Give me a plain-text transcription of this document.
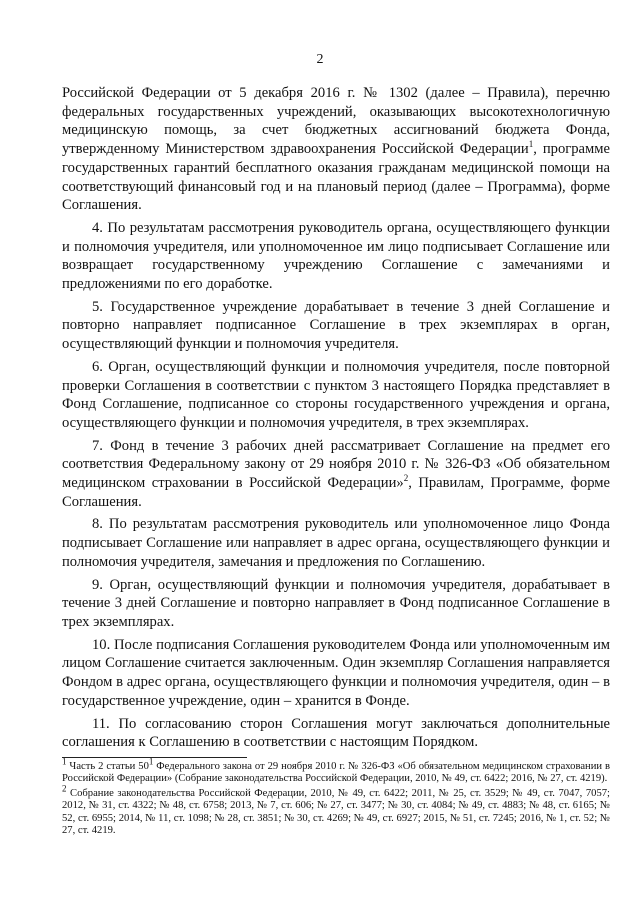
2

Российской Федерации от 5 декабря 2016 г. № 1302 (далее – Правила), перечню федеральных государственных учреждений, оказывающих высокотехнологичную медицинскую помощь, за счет бюджетных ассигнований бюджета Фонда, утвержденному Министерством здравоохранения Российской Федерации$^1$, программе государственных гарантий бесплатного оказания гражданам медицинской помощи на соответствующий финансовый год и на плановый период (далее – Программа), форме Соглашения.

4. По результатам рассмотрения руководитель органа, осуществляющего функции и полномочия учредителя, или уполномоченное им лицо подписывает Соглашение или возвращает государственному учреждению Соглашение с замечаниями и предложениями по его доработке.

5. Государственное учреждение дорабатывает в течение 3 дней Соглашение и повторно направляет подписанное Соглашение в трех экземплярах в орган, осуществляющий функции и полномочия учредителя.

6. Орган, осуществляющий функции и полномочия учредителя, после повторной проверки Соглашения в соответствии с пунктом 3 настоящего Порядка представляет в Фонд Соглашение, подписанное со стороны государственного учреждения и органа, осуществляющего функции и полномочия учредителя, в трех экземплярах.

7. Фонд в течение 3 рабочих дней рассматривает Соглашение на предмет его соответствия Федеральному закону от 29 ноября 2010 г. № 326-ФЗ «Об обязательном медицинском страховании в Российской Федерации»$^2$, Правилам, Программе, форме Соглашения.

8. По результатам рассмотрения руководитель или уполномоченное лицо Фонда подписывает Соглашение или направляет в адрес органа, осуществляющего функции и полномочия учредителя, замечания и предложения по Соглашению.

9. Орган, осуществляющий функции и полномочия учредителя, дорабатывает в течение 3 дней Соглашение и повторно направляет в Фонд подписанное Соглашение в трех экземплярах.

10. После подписания Соглашения руководителем Фонда или уполномоченным им лицом Соглашение считается заключенным. Один экземпляр Соглашения направляется Фондом в адрес органа, осуществляющего функции и полномочия учредителя, один – в государственное учреждение, один – хранится в Фонде.

11. По согласованию сторон Соглашения могут заключаться дополнительные соглашения к Соглашению в соответствии с настоящим Порядком.

$^1$ Часть 2 статьи $50^1$ Федерального закона от 29 ноября 2010 г. № 326-ФЗ «Об обязательном медицинском страховании в Российской Федерации» (Собрание законодательства Российской Федерации, 2010, № 49, ст. 6422; 2016, № 27, ст. 4219).

$^2$ Собрание законодательства Российской Федерации, 2010, № 49, ст. 6422; 2011, № 25, ст. 3529; № 49, ст. 7047, 7057; 2012, № 31, ст. 4322; № 48, ст. 6758; 2013, № 7, ст. 606; № 27, ст. 3477; № 30, ст. 4084; № 49, ст. 4883; № 48, ст. 6165; № 52, ст. 6955; 2014, № 11, ст. 1098; № 28, ст. 3851; № 30, ст. 4269; № 49, ст. 6927; 2015, № 51, ст. 7245; 2016, № 1, ст. 52; № 27, ст. 4219.
